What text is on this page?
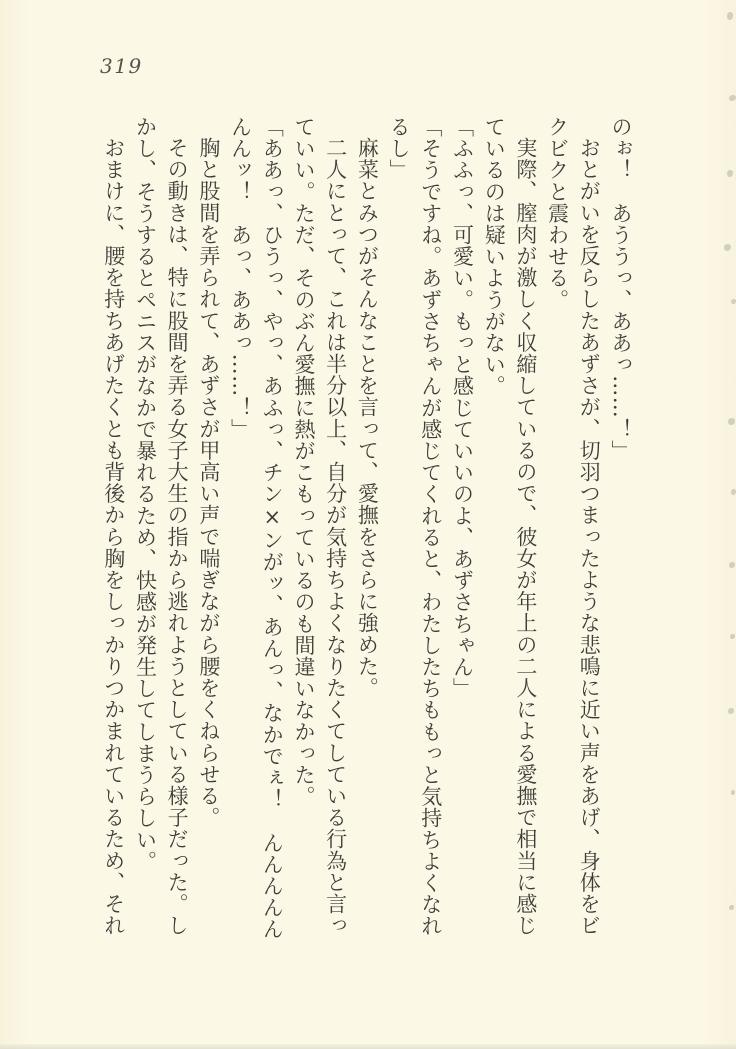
319
のぉ！　あううっ、ああっ……！」
おとがいを反らしたあずさが、切羽つまったような悲鳴に近い声をあげ、身体をビ
クビクと震わせる。
実際、膣肉が激しく収縮しているので、彼女が年上の二人による愛撫で相当に感じ
ているのは疑いようがない。
「ふふっ、可愛い。もっと感じていいのよ、あずさちゃん」
「そうですね。あずさちゃんが感じてくれると、わたしたちももっと気持ちよくなれ
るし」
麻菜とみつがそんなことを言って、愛撫をさらに強めた。
二人にとって、これは半分以上、自分が気持ちよくなりたくてしている行為と言っ
ていい。ただ、そのぶん愛撫に熱がこもっているのも間違いなかった。
「ああっ、ひうっ、やっ、あふっ、チン×ンがッ、あんっ、なかでぇ！　んんんんん
んんッ！　あっ、ああっ……！」
胸と股間を弄られて、あずさが甲高い声で喘ぎながら腰をくねらせる。
その動きは、特に股間を弄る女子大生の指から逃れようとしている様子だった。し
かし、そうするとペニスがなかで暴れるため、快感が発生してしまうらしい。
おまけに、腰を持ちあげたくとも背後から胸をしっかりつかまれているため、それ
